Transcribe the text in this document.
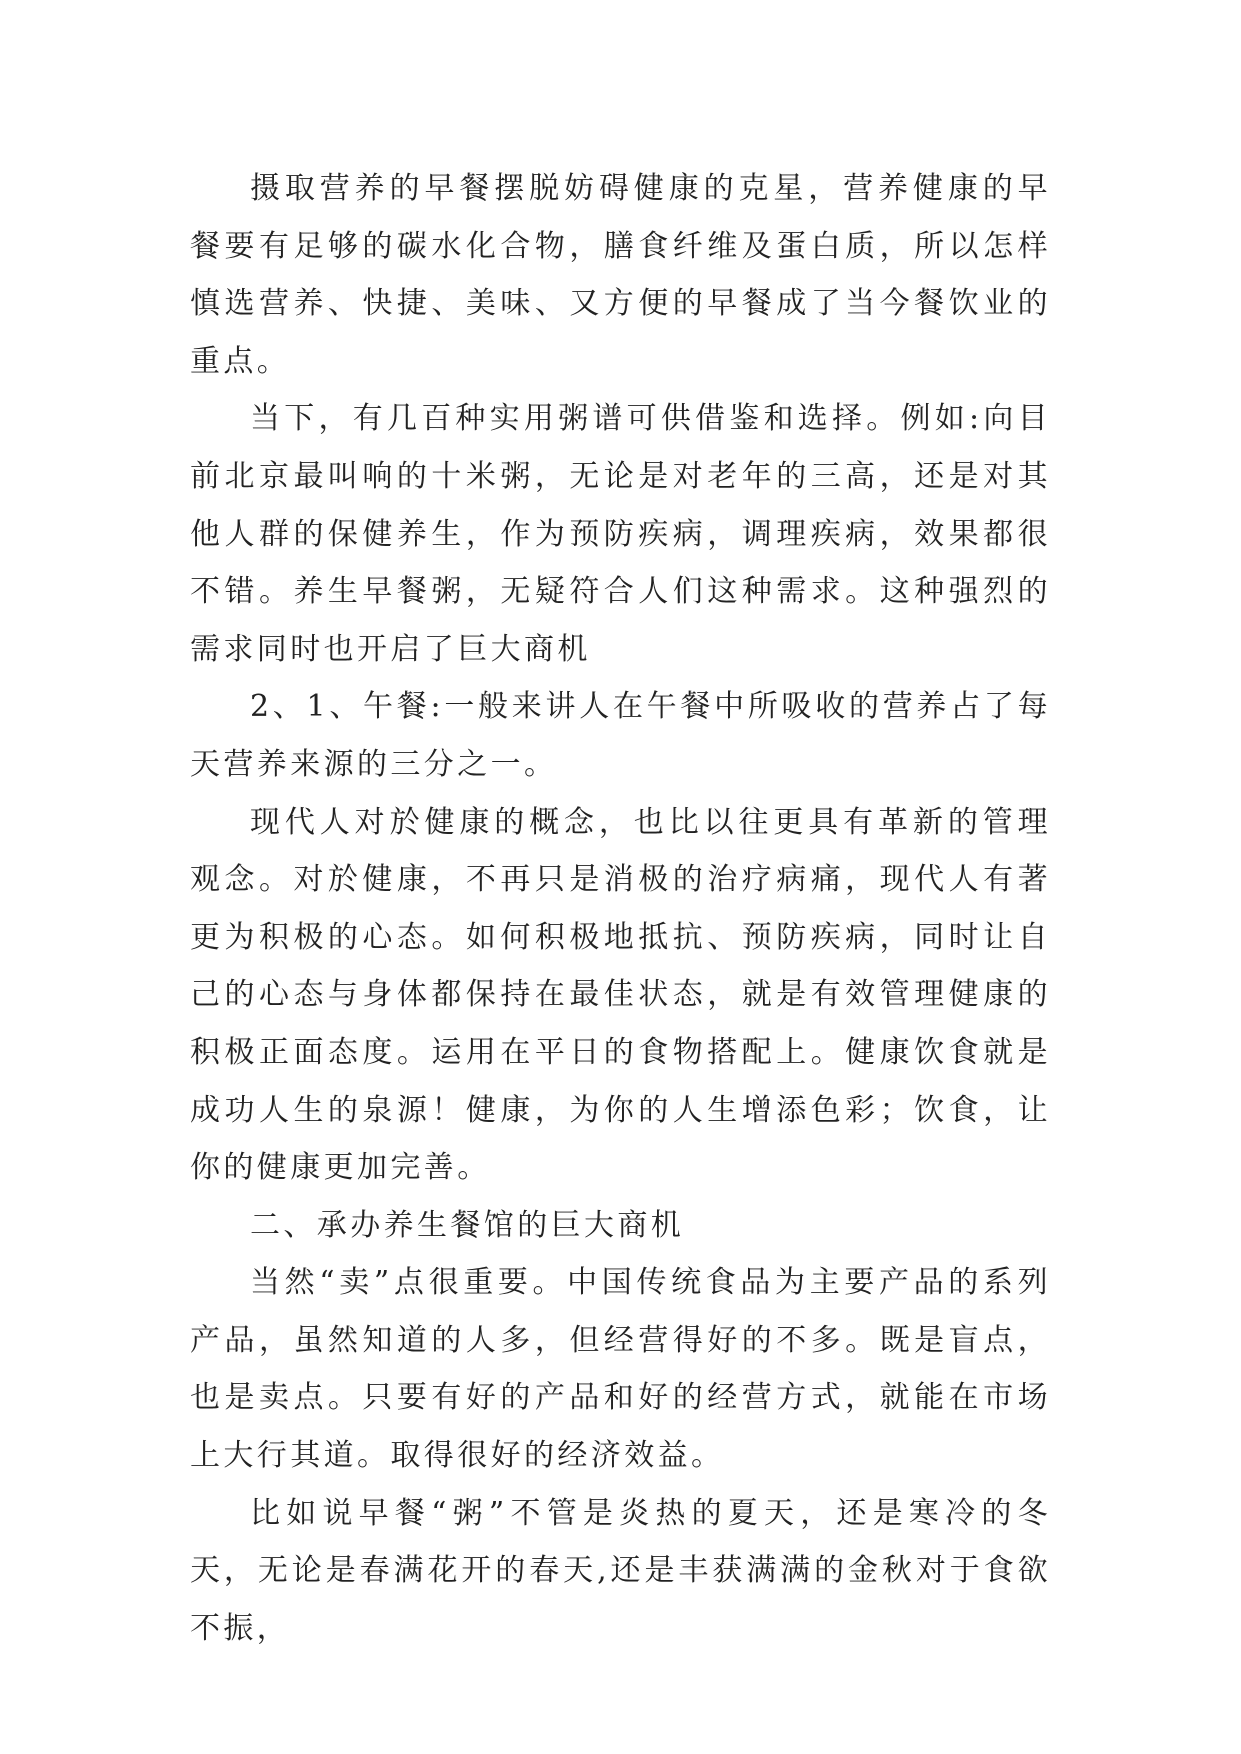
摄取营养的早餐摆脱妨碍健康的克星，营养健康的早餐要有足够的碳水化合物，膳食纤维及蛋白质，所以怎样慎选营养、快捷、美味、又方便的早餐成了当今餐饮业的重点。

当下，有几百种实用粥谱可供借鉴和选择。例如:向目前北京最叫响的十米粥，无论是对老年的三高，还是对其他人群的保健养生，作为预防疾病，调理疾病，效果都很不错。养生早餐粥，无疑符合人们这种需求。这种强烈的需求同时也开启了巨大商机

2、1、午餐:一般来讲人在午餐中所吸收的营养占了每天营养来源的三分之一。

现代人对於健康的概念，也比以往更具有革新的管理观念。对於健康，不再只是消极的治疗病痛，现代人有著更为积极的心态。如何积极地抵抗、预防疾病，同时让自己的心态与身体都保持在最佳状态，就是有效管理健康的积极正面态度。运用在平日的食物搭配上。健康饮食就是成功人生的泉源！健康，为你的人生增添色彩；饮食，让你的健康更加完善。

二、承办养生餐馆的巨大商机

当然“卖”点很重要。中国传统食品为主要产品的系列产品，虽然知道的人多，但经营得好的不多。既是盲点，也是卖点。只要有好的产品和好的经营方式，就能在市场上大行其道。取得很好的经济效益。

比如说早餐“粥”不管是炎热的夏天，还是寒冷的冬天，无论是春满花开的春天,还是丰获满满的金秋对于食欲不振，
